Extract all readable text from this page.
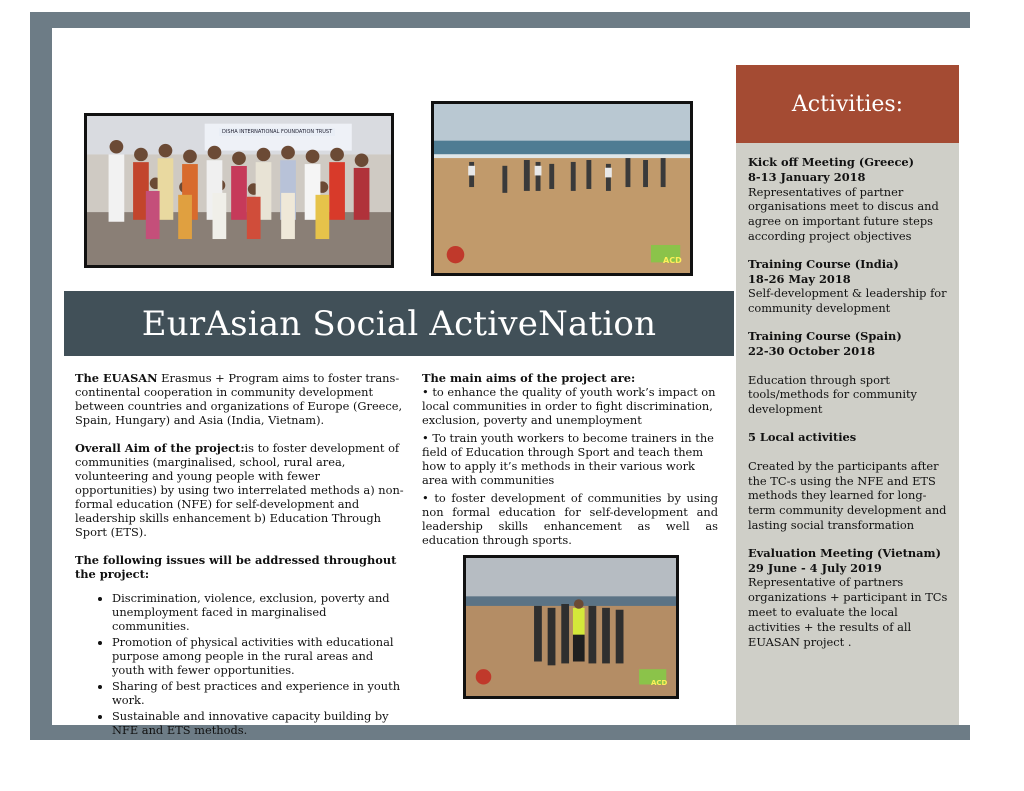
DISHA INTERNATIONAL FOUNDATION TRUST
ACD
EurAsian Social ActiveNation

The EUASAN Erasmus + Program aims to foster trans-continental cooperation in community development between countries and organizations of Europe (Greece, Spain, Hungary) and Asia (India, Vietnam).

Overall Aim of the project:is to foster development of communities (marginalised, school, rural area, volunteering and young people with fewer opportunities) by using two interrelated methods a) non-formal education (NFE) for self-development and leadership skills enhancement b) Education Through Sport (ETS).

The following issues will be addressed throughout the project:

• Discrimination, violence, exclusion, poverty and unemployment faced in marginalised communities.
• Promotion of physical activities with educational purpose among people in the rural areas and youth with fewer opportunities.
• Sharing of best practices and experience in youth work.
• Sustainable and innovative capacity building by NFE and ETS methods.

The main aims of the project are:

• to enhance the quality of youth work’s impact on local communities in order to fight discrimination, exclusion, poverty and unemployment

• To train youth workers to become trainers in the field of Education through Sport and teach them how to apply it’s methods in their various work area with communities

• to foster development of communities by using non formal education for self-development and leadership skills enhancement as well as education through sports.

ACD
Activities:
Kick off Meeting (Greece)
8-13 January 2018
Representatives of partner organisations meet to discus and agree on important future steps according project objectives
Training Course (India)
18-26 May 2018
Self-development & leadership for community development
Training Course (Spain)
22-30 October 2018
Education through sport tools/methods for community development
5 Local activities
Created by the participants after the TC-s using the NFE and ETS methods they learned for long-term community development and lasting social transformation
Evaluation Meeting (Vietnam)
29 June - 4 July 2019
Representative of partners organizations + participant in TCs meet to evaluate the local activities + the results of all EUASAN project .
